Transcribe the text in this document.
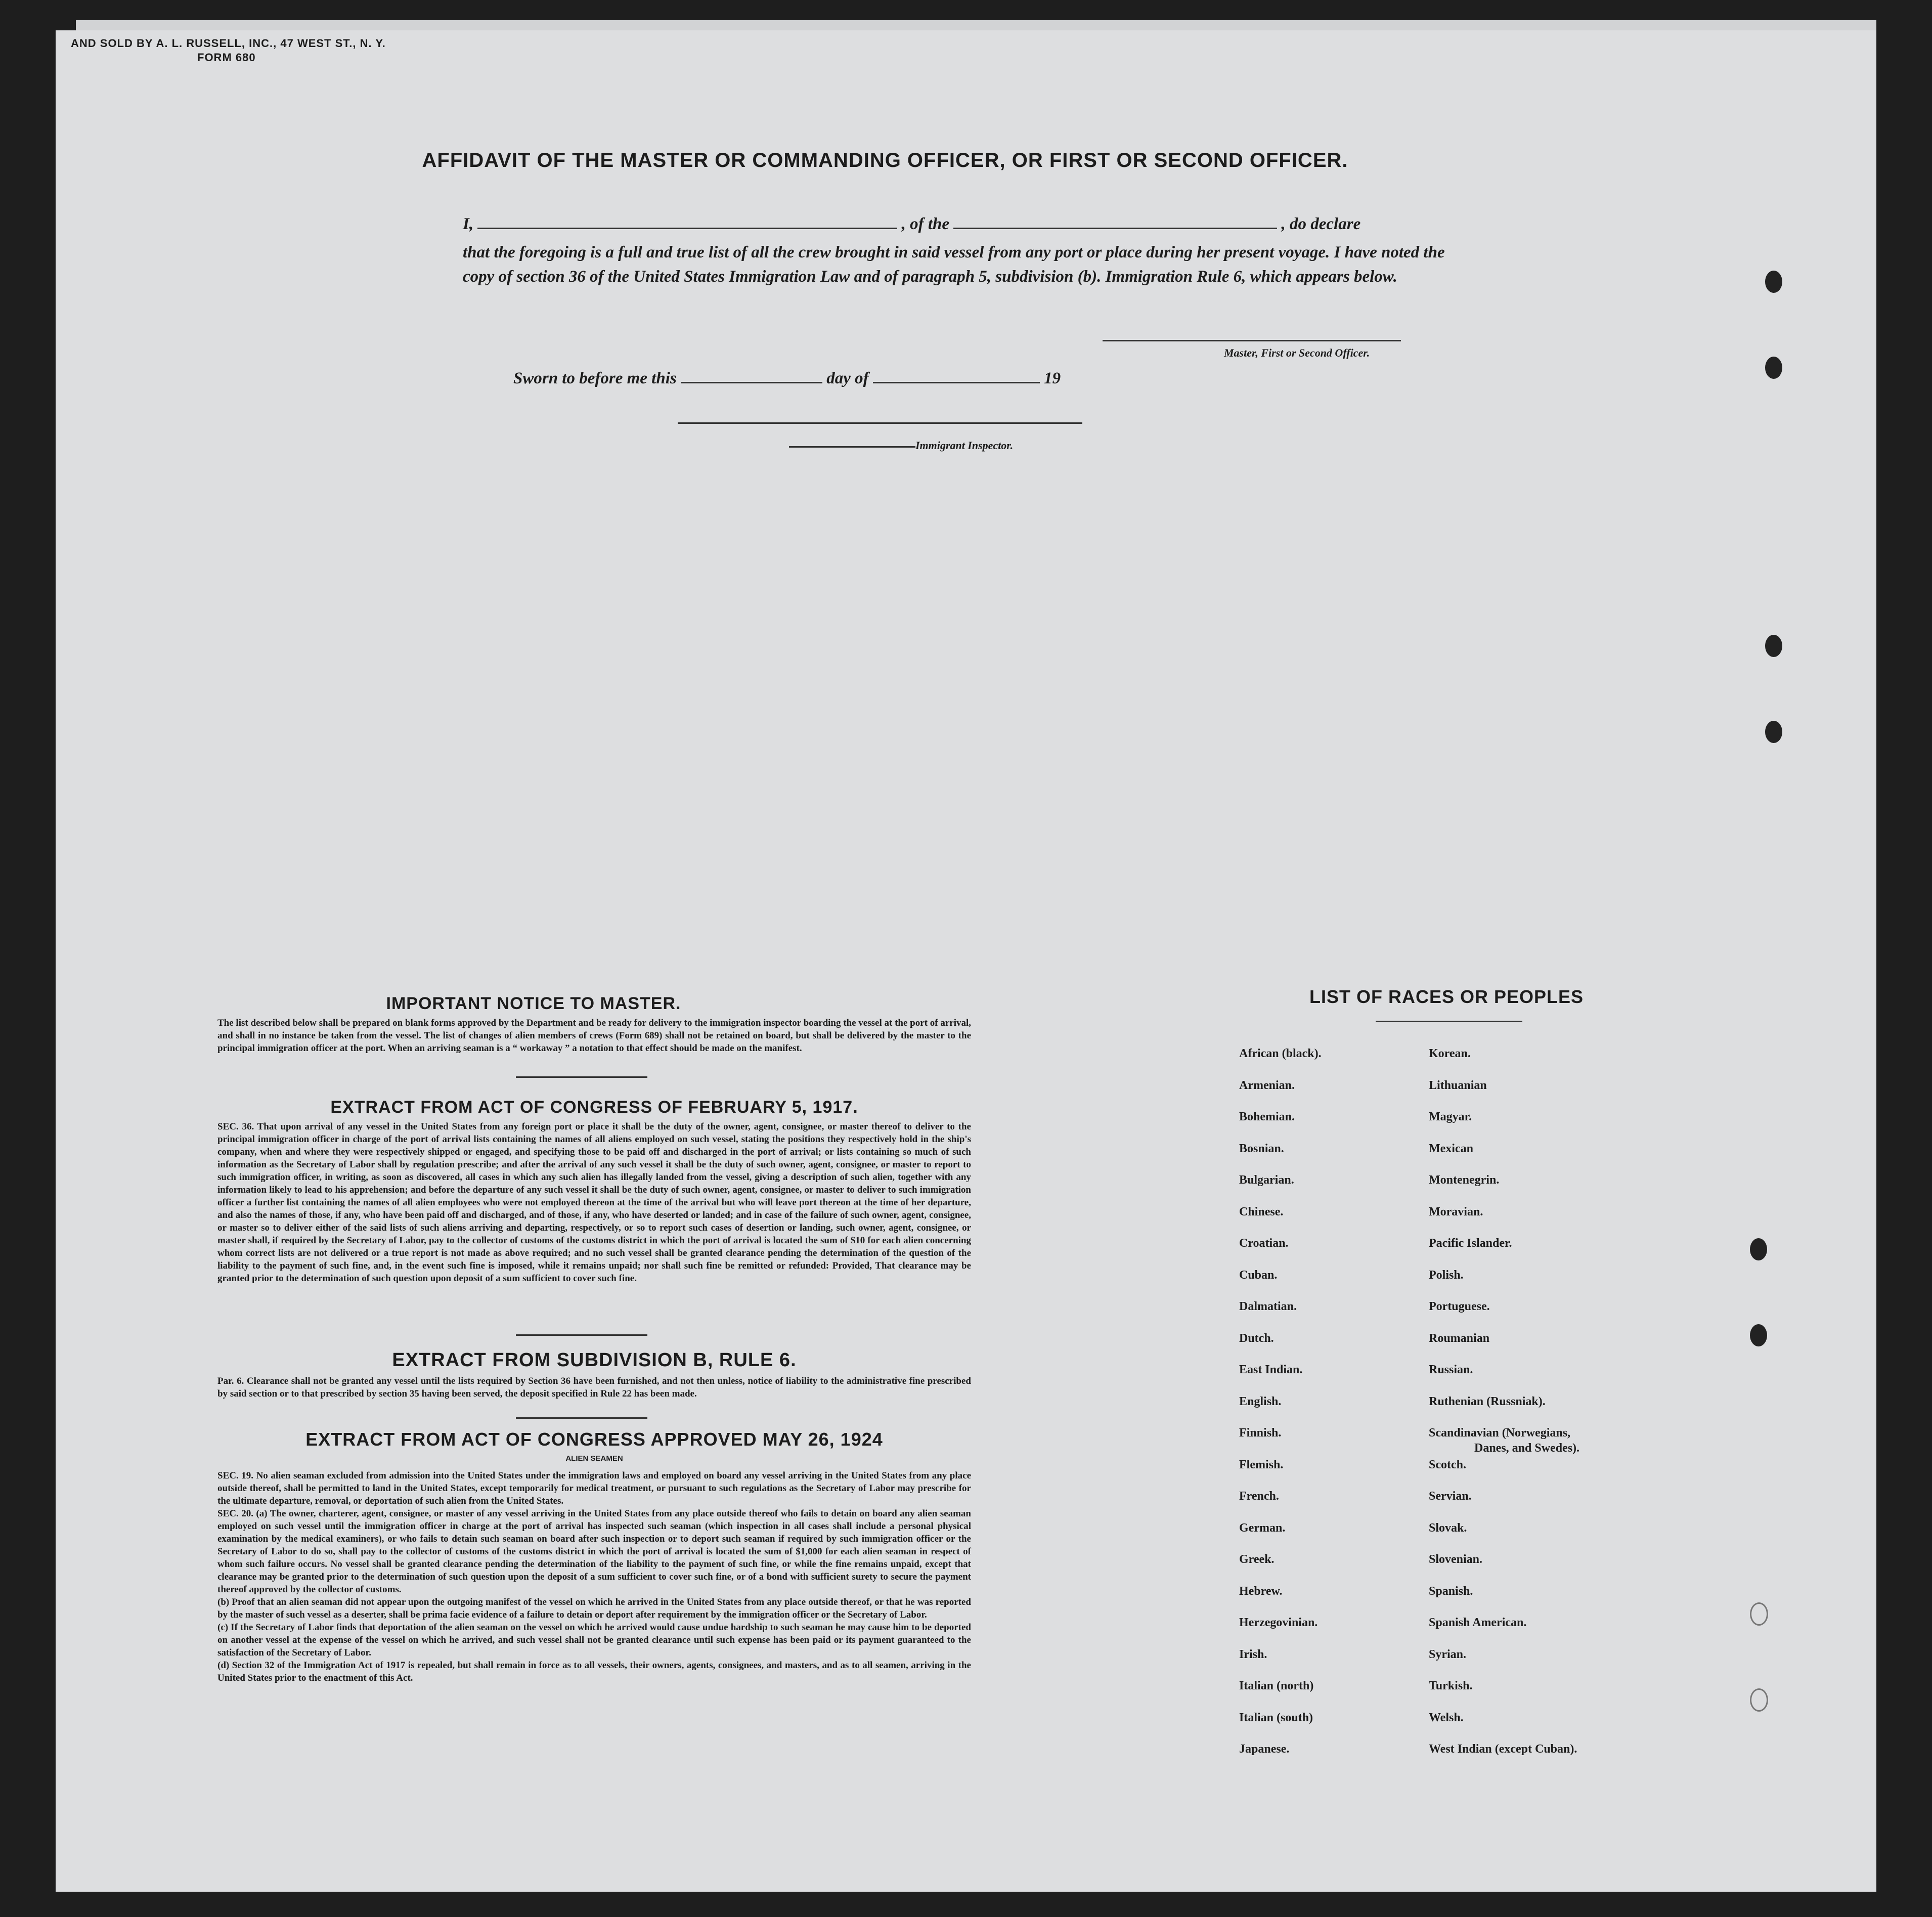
AND SOLD BY A. L. RUSSELL, INC., 47 WEST ST., N. Y.
FORM 680
AFFIDAVIT OF THE MASTER OR COMMANDING OFFICER, OR FIRST OR SECOND OFFICER.
I,	, of the	, do declare
that the foregoing is a full and true list of all the crew brought in said vessel from any port or place during her present voyage. I have noted the copy of section 36 of the United States Immigration Law and of paragraph 5, subdivision (b). Immigration Rule 6, which appears below.
Master, First or Second Officer.
Sworn to before me this	day of	19
Immigrant Inspector.
IMPORTANT NOTICE TO MASTER.
The list described below shall be prepared on blank forms approved by the Department and be ready for delivery to the immigration inspector boarding the vessel at the port of arrival, and shall in no instance be taken from the vessel. The list of changes of alien members of crews (Form 689) shall not be retained on board, but shall be delivered by the master to the principal immigration officer at the port. When an arriving seaman is a “ workaway ” a notation to that effect should be made on the manifest.
EXTRACT FROM ACT OF CONGRESS OF FEBRUARY 5, 1917.
SEC. 36. That upon arrival of any vessel in the United States from any foreign port or place it shall be the duty of the owner, agent, consignee, or master thereof to deliver to the principal immigration officer in charge of the port of arrival lists containing the names of all aliens employed on such vessel, stating the positions they respectively hold in the ship's company, when and where they were respectively shipped or engaged, and specifying those to be paid off and discharged in the port of arrival; or lists containing so much of such information as the Secretary of Labor shall by regulation prescribe; and after the arrival of any such vessel it shall be the duty of such owner, agent, consignee, or master to report to such immigration officer, in writing, as soon as discovered, all cases in which any such alien has illegally landed from the vessel, giving a description of such alien, together with any information likely to lead to his apprehension; and before the departure of any such vessel it shall be the duty of such owner, agent, consignee, or master to deliver to such immigration officer a further list containing the names of all alien employees who were not employed thereon at the time of the arrival but who will leave port thereon at the time of her departure, and also the names of those, if any, who have been paid off and discharged, and of those, if any, who have deserted or landed; and in case of the failure of such owner, agent, consignee, or master so to deliver either of the said lists of such aliens arriving and departing, respectively, or so to report such cases of desertion or landing, such owner, agent, consignee, or master shall, if required by the Secretary of Labor, pay to the collector of customs of the customs district in which the port of arrival is located the sum of $10 for each alien concerning whom correct lists are not delivered or a true report is not made as above required; and no such vessel shall be granted clearance pending the determination of the question of the liability to the payment of such fine, and, in the event such fine is imposed, while it remains unpaid; nor shall such fine be remitted or refunded: Provided, That clearance may be granted prior to the determination of such question upon deposit of a sum sufficient to cover such fine.
EXTRACT FROM SUBDIVISION B, RULE 6.
Par. 6. Clearance shall not be granted any vessel until the lists required by Section 36 have been furnished, and not then unless, notice of liability to the administrative fine prescribed by said section or to that prescribed by section 35 having been served, the deposit specified in Rule 22 has been made.
EXTRACT FROM ACT OF CONGRESS APPROVED MAY 26, 1924
ALIEN SEAMEN
SEC. 19. No alien seaman excluded from admission into the United States under the immigration laws and employed on board any vessel arriving in the United States from any place outside thereof, shall be permitted to land in the United States, except temporarily for medical treatment, or pursuant to such regulations as the Secretary of Labor may prescribe for the ultimate departure, removal, or deportation of such alien from the United States.
SEC. 20. (a) The owner, charterer, agent, consignee, or master of any vessel arriving in the United States from any place outside thereof who fails to detain on board any alien seaman employed on such vessel until the immigration officer in charge at the port of arrival has inspected such seaman (which inspection in all cases shall include a personal physical examination by the medical examiners), or who fails to detain such seaman on board after such inspection or to deport such seaman if required by such immigration officer or the Secretary of Labor to do so, shall pay to the collector of customs of the customs district in which the port of arrival is located the sum of $1,000 for each alien seaman in respect of whom such failure occurs. No vessel shall be granted clearance pending the determination of the liability to the payment of such fine, or while the fine remains unpaid, except that clearance may be granted prior to the determination of such question upon the deposit of a sum sufficient to cover such fine, or of a bond with sufficient surety to secure the payment thereof approved by the collector of customs.
(b) Proof that an alien seaman did not appear upon the outgoing manifest of the vessel on which he arrived in the United States from any place outside thereof, or that he was reported by the master of such vessel as a deserter, shall be prima facie evidence of a failure to detain or deport after requirement by the immigration officer or the Secretary of Labor.
(c) If the Secretary of Labor finds that deportation of the alien seaman on the vessel on which he arrived would cause undue hardship to such seaman he may cause him to be deported on another vessel at the expense of the vessel on which he arrived, and such vessel shall not be granted clearance until such expense has been paid or its payment guaranteed to the satisfaction of the Secretary of Labor.
(d) Section 32 of the Immigration Act of 1917 is repealed, but shall remain in force as to all vessels, their owners, agents, consignees, and masters, and as to all seamen, arriving in the United States prior to the enactment of this Act.
LIST OF RACES OR PEOPLES
African (black).
Armenian.
Bohemian.
Bosnian.
Bulgarian.
Chinese.
Croatian.
Cuban.
Dalmatian.
Dutch.
East Indian.
English.
Finnish.
Flemish.
French.
German.
Greek.
Hebrew.
Herzegovinian.
Irish.
Italian (north)
Italian (south)
Japanese.
Korean.
Lithuanian
Magyar.
Mexican
Montenegrin.
Moravian.
Pacific Islander.
Polish.
Portuguese.
Roumanian
Russian.
Ruthenian (Russniak).
Scandinavian (Norwegians,
Danes, and Swedes).
Scotch.
Servian.
Slovak.
Slovenian.
Spanish.
Spanish American.
Syrian.
Turkish.
Welsh.
West Indian (except Cuban).
